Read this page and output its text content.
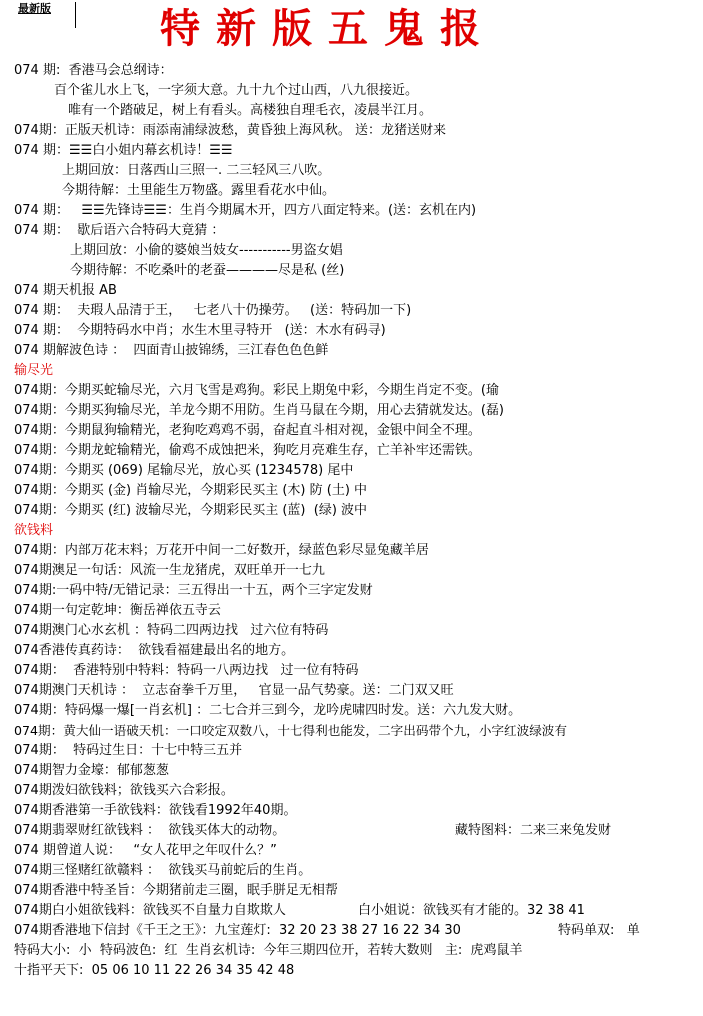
最新版	特新版五鬼报
074 期:  香港马会总纲诗：
百个雀儿水上飞，一字须大意。九十九个过山西，八九很接近。
唯有一个踏破足，树上有看头。高楼独自理毛衣，凌晨半江月。
074期：正版天机诗：雨添南浦绿波愁，黄昏独上海风秋。 送：龙猪送财来
074 期：☰☰白小姐内幕玄机诗！☰☰
上期回放：日落西山三照一. 二三轻风三八吹。
今期待解：土里能生万物盛。露里看花水中仙。
074 期：   ☰☰先锋诗☰☰：生肖今期属木开，四方八面定特来。(送：玄机在内)
074 期：  歇后语六合特码大竟猜 ：
上期回放：小偷的婆娘当妓女-----------男盗女娼
今期待解：不吃桑叶的老蚕————尽是私 (丝)
074 期天机报 AB
074 期：  夫瑕人品清于王，   七老八十仍操劳。   (送：特码加一下)
074 期：  今期特码水中肖；水生木里寻特开   (送：木水有码寻)
074 期解波色诗 ：  四面青山披锦绣，三江春色色色鲜
输尽光
074期：今期买蛇输尽光，六月飞雪是鸡狗。彩民上期兔中彩，今期生肖定不变。(瑜
074期：今期买狗输尽光，羊龙今期不用防。生肖马鼠在今期，用心去猜就发达。(磊)
074期：今期鼠狗输精光，老狗吃鸡鸡不弱，奋起直斗相对视，金银中间全不理。
074期：今期龙蛇输精光，偷鸡不成蚀把米，狗吃月亮难生存，亡羊补牢还需铁。
074期：今期买 (069) 尾输尽光，放心买 (1234578) 尾中
074期：今期买 (金) 肖输尽光，今期彩民买主 (木) 防 (土) 中
074期：今期买 (红) 波输尽光，今期彩民买主 (蓝)  (绿) 波中
欲钱料
074期：内部万花末料；万花开中间一二好数开，绿蓝色彩尽显兔藏羊居
074期澳足一句话：风流一生龙猪虎，双旺单开一七九
074期:一码中特/无错记录：三五得出一十五，两个三字定发财
074期一句定乾坤：衡岳禅依五寺云
074期澳门心水玄机 ：特码二四两边找   过六位有特码
074香港传真药诗：  欲钱看福建最出名的地方。
074期：  香港特别中特料：特码一八两边找   过一位有特码
074期澳门天机诗 ：  立志奋拳千万里，   官显一品气势豪。送：二门双又旺
074期：特码爆一爆[一肖玄机] ：二七合并三到今，龙吟虎啸四时发。送：六九发大财。
074期：黄大仙一语破天机：一口咬定双数八，十七得利也能发，二字出码带个九，小字红波绿波有
074期：  特码过生日：十七中特三五并
074期智力金壕：郁郁葱葱
074期泼妇欲钱料；欲钱买六合彩报。
074期香港第一手欲钱料：欲钱看1992年40期。
074期翡翠财红欲钱料 ：  欲钱买体大的动物。	藏特图料：二来三来兔发财
074 期曾道人说：   “女人花甲之年叹什么？”
074期三怪赌红欲赣料 ：  欲钱买马前蛇后的生肖。
074期香港中特圣旨：今期猪前走三圈，眠手胼足无相帮
074期白小姐欲钱料：欲钱买不自量力自欺欺人	白小姐说：欲钱买有才能的。32 38 41
074期香港地下信封《千王之王》：九宝莲灯:  32 20 23 38 27 16 22 34 30	特码单双:   单
特码大小:  小  特码波色:  红  生肖玄机诗:  今年三期四位开，若转大数则   主:  虎鸡鼠羊
十指平天下:  05 06 10 11 22 26 34 35 42 48
